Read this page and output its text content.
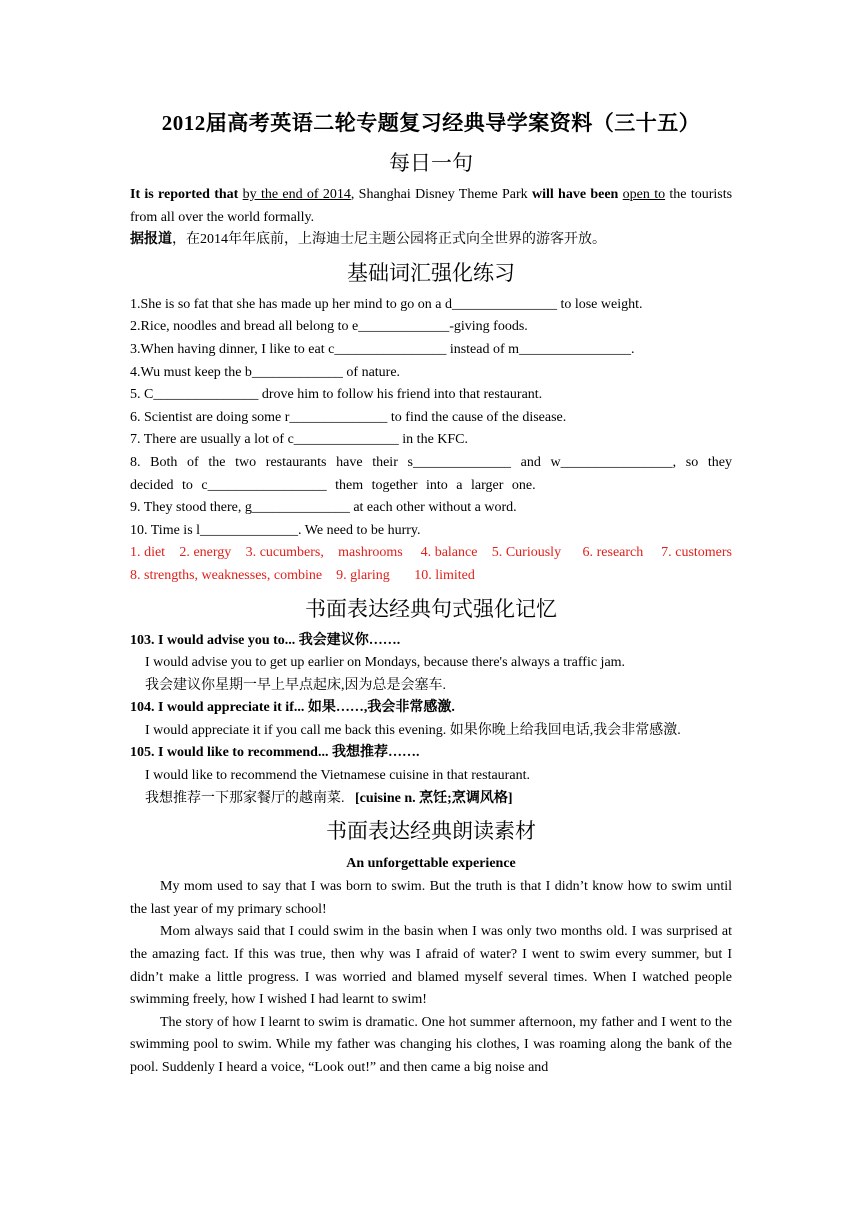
2012届高考英语二轮专题复习经典导学案资料（三十五）
每日一句

It is reported that by the end of 2014, Shanghai Disney Theme Park will have been open to the tourists from all over the world formally.

据报道，在2014年年底前，上海迪士尼主题公园将正式向全世界的游客开放。

基础词汇强化练习

1.She is so fat that she has made up her mind to go on a d_______________ to lose weight.

2.Rice, noodles and bread all belong to e_____________-giving foods.

3.When having dinner, I like to eat c________________ instead of m________________.

4.Wu must keep the b_____________ of nature.

5. C_______________ drove him to follow his friend into that restaurant.

6. Scientist are doing some r______________ to find the cause of the disease.

7. There are usually a lot of c_______________ in the KFC.

8. Both of the two restaurants have their s______________ and w________________, so they decided to c_________________ them together into a larger one.

9. They stood there, g______________ at each other without a word.

10. Time is l______________. We need to be hurry.

1. diet    2. energy    3. cucumbers,    mashrooms     4. balance    5. Curiously      6. research     7. customers    8. strengths, weaknesses, combine    9. glaring       10. limited

书面表达经典句式强化记忆

103. I would advise you to... 我会建议你…….

I would advise you to get up earlier on Mondays, because there's always a traffic jam.

我会建议你星期一早上早点起床,因为总是会塞车.

104. I would appreciate it if... 如果……,我会非常感激.

I would appreciate it if you call me back this evening. 如果你晚上给我回电话,我会非常感激.

105. I would like to recommend... 我想推荐…….

I would like to recommend the Vietnamese cuisine in that restaurant.

我想推荐一下那家餐厅的越南菜.   [cuisine n. 烹饪;烹调风格]

书面表达经典朗读素材
An unforgettable experience

My mom used to say that I was born to swim. But the truth is that I didn’t know how to swim until the last year of my primary school!

Mom always said that I could swim in the basin when I was only two months old. I was surprised at the amazing fact. If this was true, then why was I afraid of water? I went to swim every summer, but I didn’t make a little progress. I was worried and blamed myself several times. When I watched people swimming freely, how I wished I had learnt to swim!

The story of how I learnt to swim is dramatic. One hot summer afternoon, my father and I went to the swimming pool to swim. While my father was changing his clothes, I was roaming along the bank of the pool. Suddenly I heard a voice, “Look out!” and then came a big noise and
